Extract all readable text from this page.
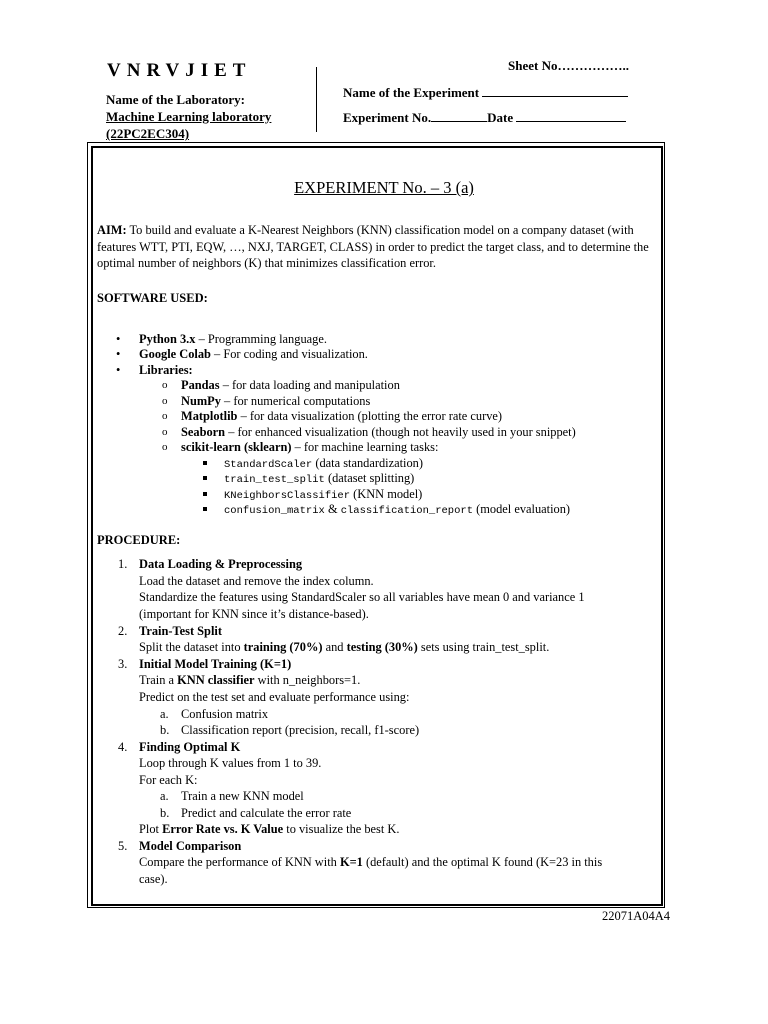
VNRVJIET
Name of the Laboratory:
Machine Learning laboratory
(22PC2EC304)
Sheet No……………..
Name of the Experiment
Experiment No.	Date
EXPERIMENT No. – 3 (a)
AIM: To build and evaluate a K-Nearest Neighbors (KNN) classification model on a company dataset (with features WTT, PTI, EQW, …, NXJ, TARGET, CLASS) in order to predict the target class, and to determine the optimal number of neighbors (K) that minimizes classification error.
SOFTWARE USED:
• Python 3.x – Programming language.
• Google Colab – For coding and visualization.
• Libraries:
o Pandas – for data loading and manipulation
o NumPy – for numerical computations
o Matplotlib – for data visualization (plotting the error rate curve)
o Seaborn – for enhanced visualization (though not heavily used in your snippet)
o scikit-learn (sklearn) – for machine learning tasks:
StandardScaler (data standardization)
train_test_split (dataset splitting)
KNeighborsClassifier (KNN model)
confusion_matrix & classification_report (model evaluation)
PROCEDURE:
1. Data Loading & Preprocessing
Load the dataset and remove the index column.
Standardize the features using StandardScaler so all variables have mean 0 and variance 1
(important for KNN since it’s distance-based).
2. Train-Test Split
Split the dataset into training (70%) and testing (30%) sets using train_test_split.
3. Initial Model Training (K=1)
Train a KNN classifier with n_neighbors=1.
Predict on the test set and evaluate performance using:
a. Confusion matrix
b. Classification report (precision, recall, f1-score)
4. Finding Optimal K
Loop through K values from 1 to 39.
For each K:
a. Train a new KNN model
b. Predict and calculate the error rate
Plot Error Rate vs. K Value to visualize the best K.
5. Model Comparison
Compare the performance of KNN with K=1 (default) and the optimal K found (K=23 in this
case).
22071A04A4
